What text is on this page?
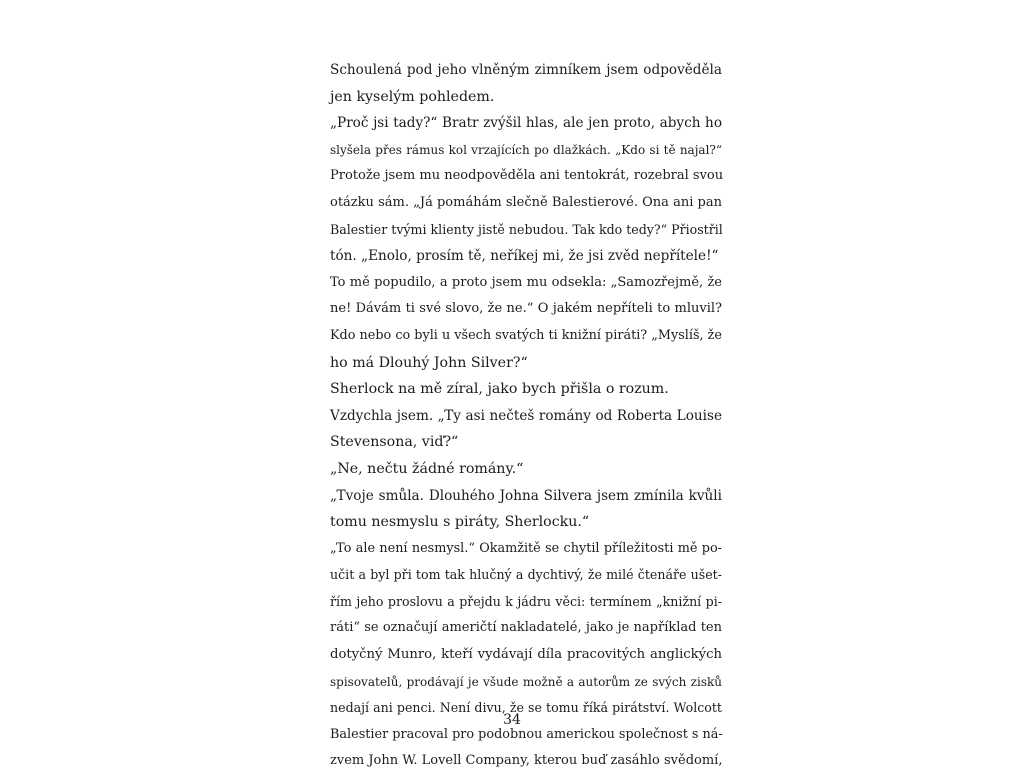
Schoulená pod jeho vlněným zimníkem jsem odpověděla
jen kyselým pohledem.
„Proč jsi tady?“ Bratr zvýšil hlas, ale jen proto, abych ho
slyšela přes rámus kol vrzajících po dlažkách. „Kdo si tě najal?“
Protože jsem mu neodpověděla ani tentokrát, rozebral svou
otázku sám. „Já pomáhám slečně Balestierové. Ona ani pan
Balestier tvými klienty jistě nebudou. Tak kdo tedy?“ Přiostřil
tón. „Enolo, prosím tě, neříkej mi, že jsi zvěd nepřítele!“
To mě popudilo, a proto jsem mu odsekla: „Samozřejmě, že
ne! Dávám ti své slovo, že ne.“ O jakém nepříteli to mluvil?
Kdo nebo co byli u všech svatých ti knižní piráti? „Myslíš, že
ho má Dlouhý John Silver?“
Sherlock na mě zíral, jako bych přišla o rozum.
Vzdychla jsem. „Ty asi nečteš romány od Roberta Louise
Stevensona, viď?“
„Ne, nečtu žádné romány.“
„Tvoje smůla. Dlouhého Johna Silvera jsem zmínila kvůli
tomu nesmyslu s piráty, Sherlocku.“
„To ale není nesmysl.“ Okamžitě se chytil příležitosti mě po-
učit a byl při tom tak hlučný a dychtivý, že milé čtenáře ušet-
řím jeho proslovu a přejdu k jádru věci: termínem „knižní pi-
ráti“ se označují američtí nakladatelé, jako je například ten
dotyčný Munro, kteří vydávají díla pracovitých anglických
spisovatelů, prodávají je všude možně a autorům ze svých zisků
nedají ani penci. Není divu, že se tomu říká pirátství. Wolcott
Balestier pracoval pro podobnou americkou společnost s ná-
zvem John W. Lovell Company, kterou buď zasáhlo svědomí,
34
